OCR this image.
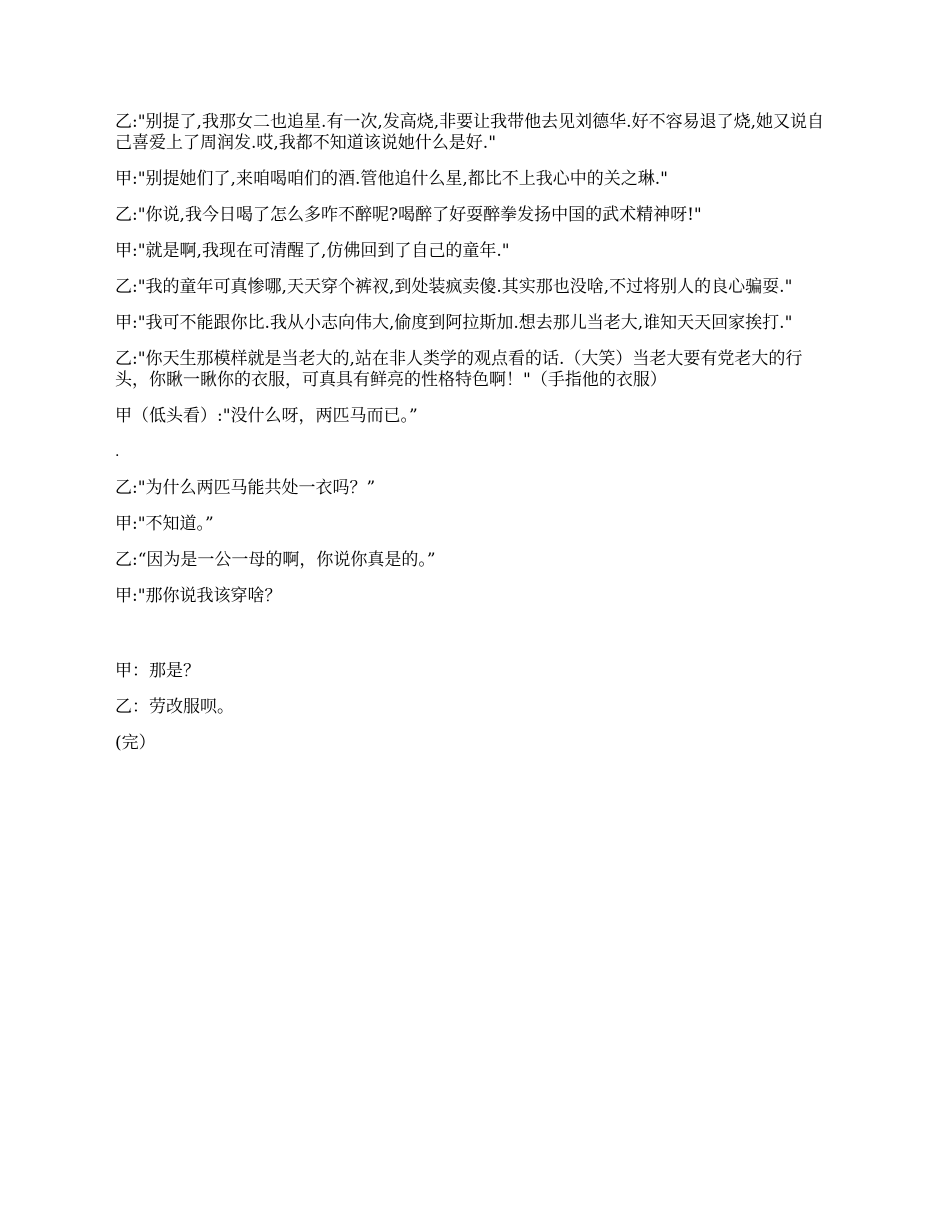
乙:"别提了,我那女二也追星.有一次,发高烧,非要让我带他去见刘德华.好不容易退了烧,她又说自己喜爱上了周润发.哎,我都不知道该说她什么是好."

甲:"别提她们了,来咱喝咱们的酒.管他追什么星,都比不上我心中的关之琳."

乙:"你说,我今日喝了怎么多咋不醉呢?喝醉了好耍醉拳发扬中国的武术精神呀!"

甲:"就是啊,我现在可清醒了,仿佛回到了自己的童年."

乙:"我的童年可真惨哪,天天穿个裤衩,到处装疯卖傻.其实那也没啥,不过将别人的良心骗耍."

甲:"我可不能跟你比.我从小志向伟大,偷度到阿拉斯加.想去那儿当老大,谁知天天回家挨打."

乙:"你天生那模样就是当老大的,站在非人类学的观点看的话.（大笑）当老大要有党老大的行头，你瞅一瞅你的衣服，可真具有鲜亮的性格特色啊！"（手指他的衣服）

甲（低头看）:"没什么呀，两匹马而已。”

.

乙:"为什么两匹马能共处一衣吗？”

甲:"不知道。”

乙:“因为是一公一母的啊，你说你真是的。”

甲:"那你说我该穿啥？

甲：那是？

乙：劳改服呗。

(完）
